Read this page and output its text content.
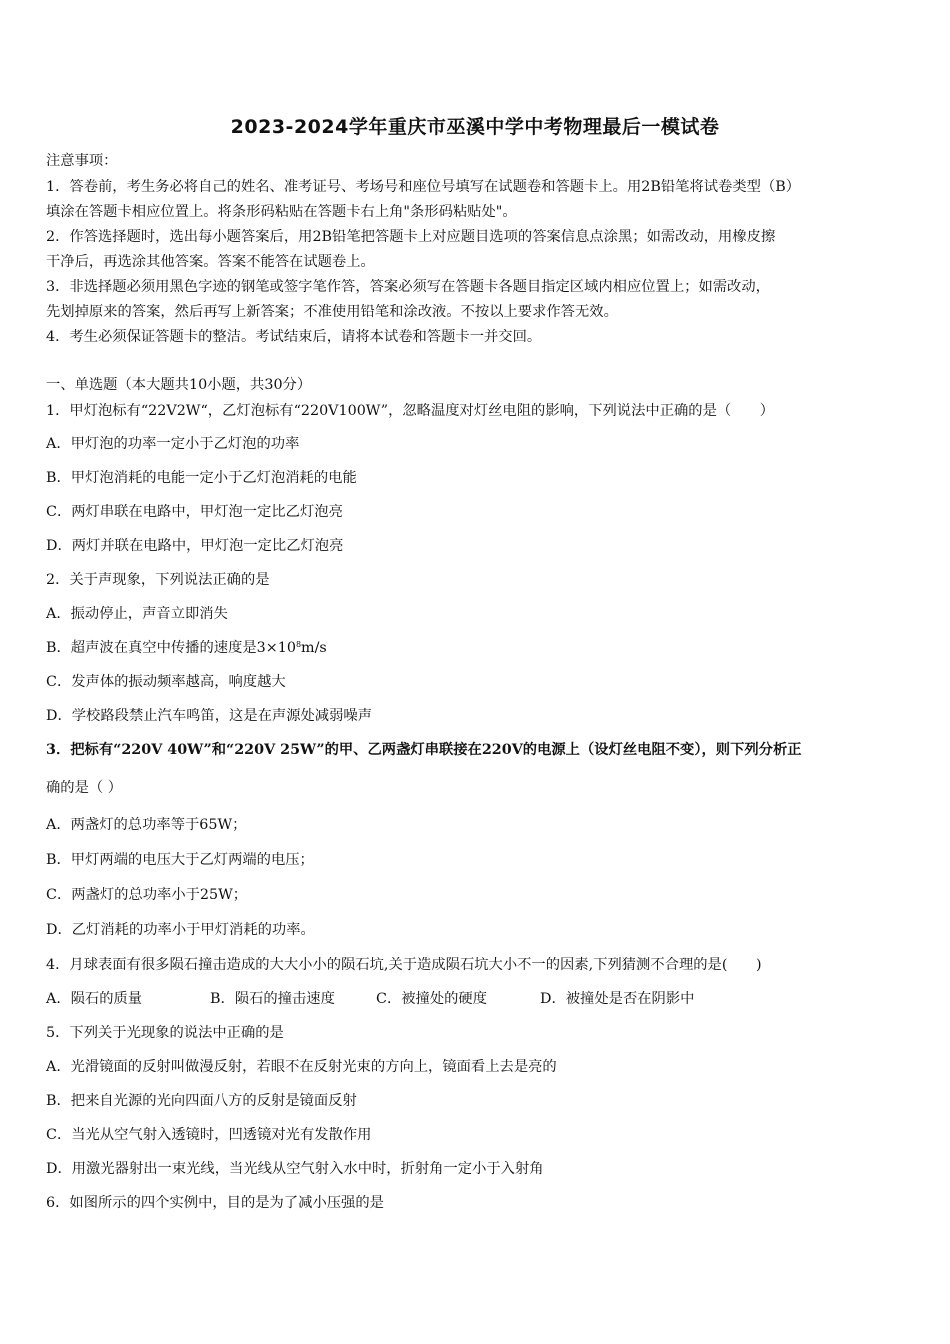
2023-2024学年重庆市巫溪中学中考物理最后一模试卷
注意事项：
1．答卷前，考生务必将自己的姓名、准考证号、考场号和座位号填写在试题卷和答题卡上。用2B铅笔将试卷类型（B）
填涂在答题卡相应位置上。将条形码粘贴在答题卡右上角"条形码粘贴处"。
2．作答选择题时，选出每小题答案后，用2B铅笔把答题卡上对应题目选项的答案信息点涂黑；如需改动，用橡皮擦
干净后，再选涂其他答案。答案不能答在试题卷上。
3．非选择题必须用黑色字迹的钢笔或签字笔作答，答案必须写在答题卡各题目指定区域内相应位置上；如需改动，
先划掉原来的答案，然后再写上新答案；不准使用铅笔和涂改液。不按以上要求作答无效。
4．考生必须保证答题卡的整洁。考试结束后，请将本试卷和答题卡一并交回。
一、单选题（本大题共10小题，共30分）
1．甲灯泡标有“22V2W“，乙灯泡标有“220V100W”，忽略温度对灯丝电阻的影响，下列说法中正确的是（　　）
A．甲灯泡的功率一定小于乙灯泡的功率
B．甲灯泡消耗的电能一定小于乙灯泡消耗的电能
C．两灯串联在电路中，甲灯泡一定比乙灯泡亮
D．两灯并联在电路中，甲灯泡一定比乙灯泡亮
2．关于声现象，下列说法正确的是
A．振动停止，声音立即消失
B．超声波在真空中传播的速度是$3\times 10^8m/s$
C．发声体的振动频率越高，响度越大
D．学校路段禁止汽车鸣笛，这是在声源处减弱噪声
3．把标有“220V 40W”和“220V 25W”的甲、乙两盏灯串联接在220V的电源上（设灯丝电阻不变），则下列分析正
确的是（ ）
A．两盏灯的总功率等于65W；
B．甲灯两端的电压大于乙灯两端的电压；
C．两盏灯的总功率小于25W；
D．乙灯消耗的功率小于甲灯消耗的功率。
4．月球表面有很多陨石撞击造成的大大小小的陨石坑,关于造成陨石坑大小不一的因素,下列猜测不合理的是(　　)
A．陨石的质量	B．陨石的撞击速度	C．被撞处的硬度	D．被撞处是否在阴影中
5．下列关于光现象的说法中正确的是
A．光滑镜面的反射叫做漫反射，若眼不在反射光束的方向上，镜面看上去是亮的
B．把来自光源的光向四面八方的反射是镜面反射
C．当光从空气射入透镜时，凹透镜对光有发散作用
D．用激光器射出一束光线，当光线从空气射入水中时，折射角一定小于入射角
6．如图所示的四个实例中，目的是为了减小压强的是
